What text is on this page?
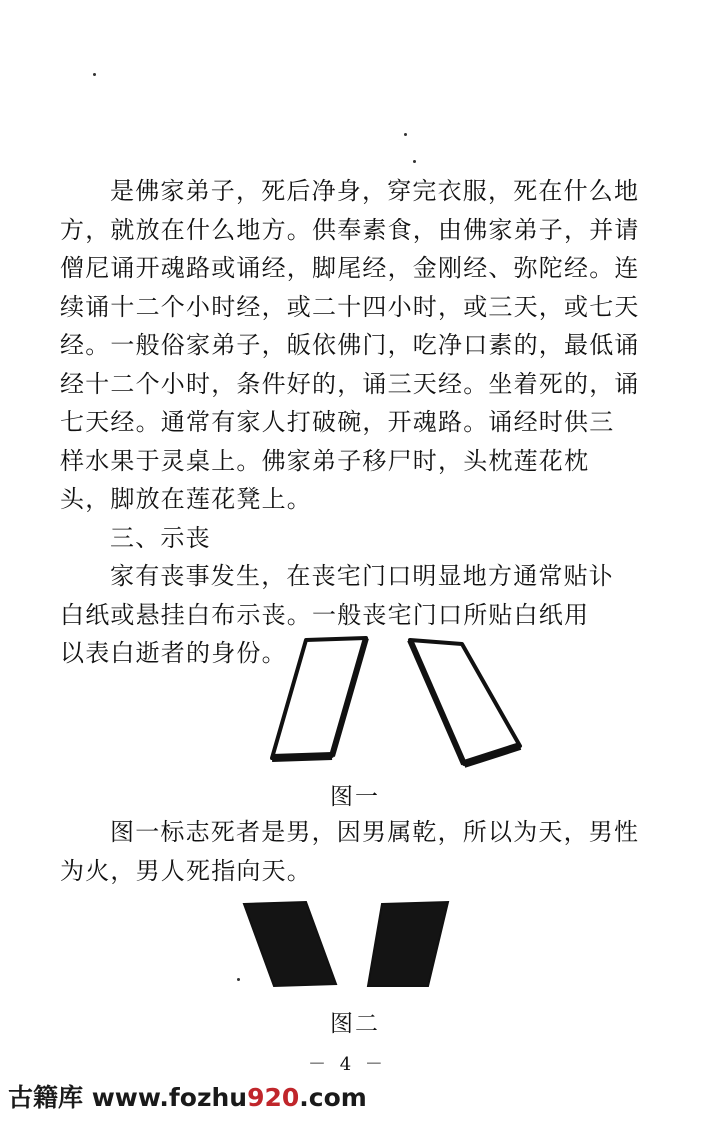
是佛家弟子，死后净身，穿完衣服，死在什么地

方，就放在什么地方。供奉素食，由佛家弟子，并请

僧尼诵开魂路或诵经，脚尾经，金刚经、弥陀经。连

续诵十二个小时经，或二十四小时，或三天，或七天

经。一般俗家弟子，皈依佛门，吃净口素的，最低诵

经十二个小时，条件好的，诵三天经。坐着死的，诵

七天经。通常有家人打破碗，开魂路。诵经时供三

样水果于灵桌上。佛家弟子移尸时，头枕莲花枕

头，脚放在莲花凳上。

三、示丧

家有丧事发生，在丧宅门口明显地方通常贴讣

白纸或悬挂白布示丧。一般丧宅门口所贴白纸用

以表白逝者的身份。

图一

图一标志死者是男，因男属乾，所以为天，男性

为火，男人死指向天。

图二
－ 4 －
古籍库 www.fozhu920.com
